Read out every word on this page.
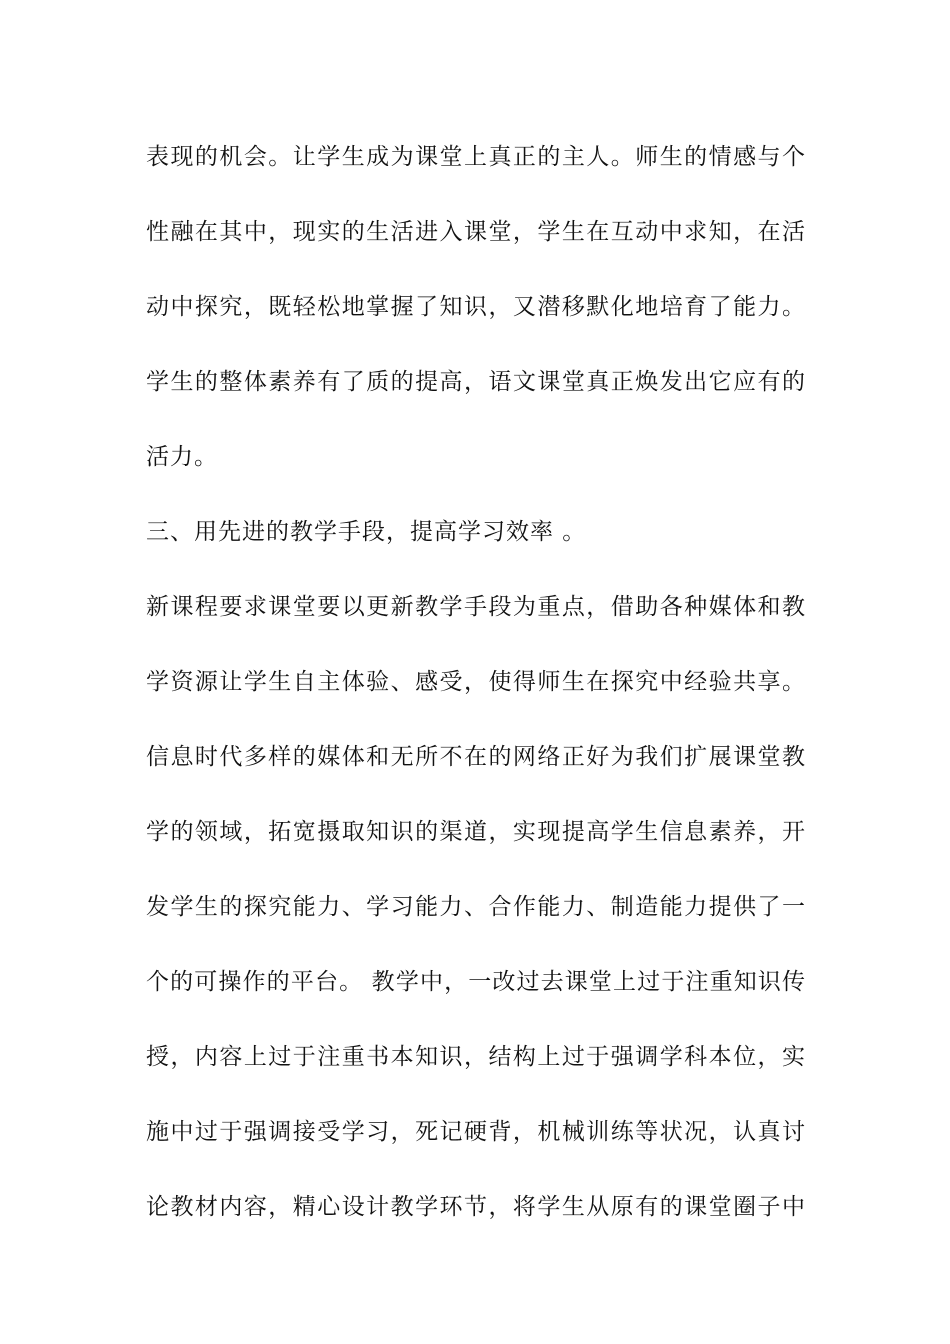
表现的机会。让学生成为课堂上真正的主人。师生的情感与个
性融在其中，现实的生活进入课堂，学生在互动中求知，在活
动中探究，既轻松地掌握了知识，又潜移默化地培育了能力。
学生的整体素养有了质的提高，语文课堂真正焕发出它应有的
活力。
三、用先进的教学手段，提高学习效率 。
新课程要求课堂要以更新教学手段为重点，借助各种媒体和教
学资源让学生自主体验、感受，使得师生在探究中经验共享。
信息时代多样的媒体和无所不在的网络正好为我们扩展课堂教
学的领域，拓宽摄取知识的渠道，实现提高学生信息素养，开
发学生的探究能力、学习能力、合作能力、制造能力提供了一
个的可操作的平台。 教学中，一改过去课堂上过于注重知识传
授，内容上过于注重书本知识，结构上过于强调学科本位，实
施中过于强调接受学习，死记硬背，机械训练等状况，认真讨
论教材内容，精心设计教学环节，将学生从原有的课堂圈子中
